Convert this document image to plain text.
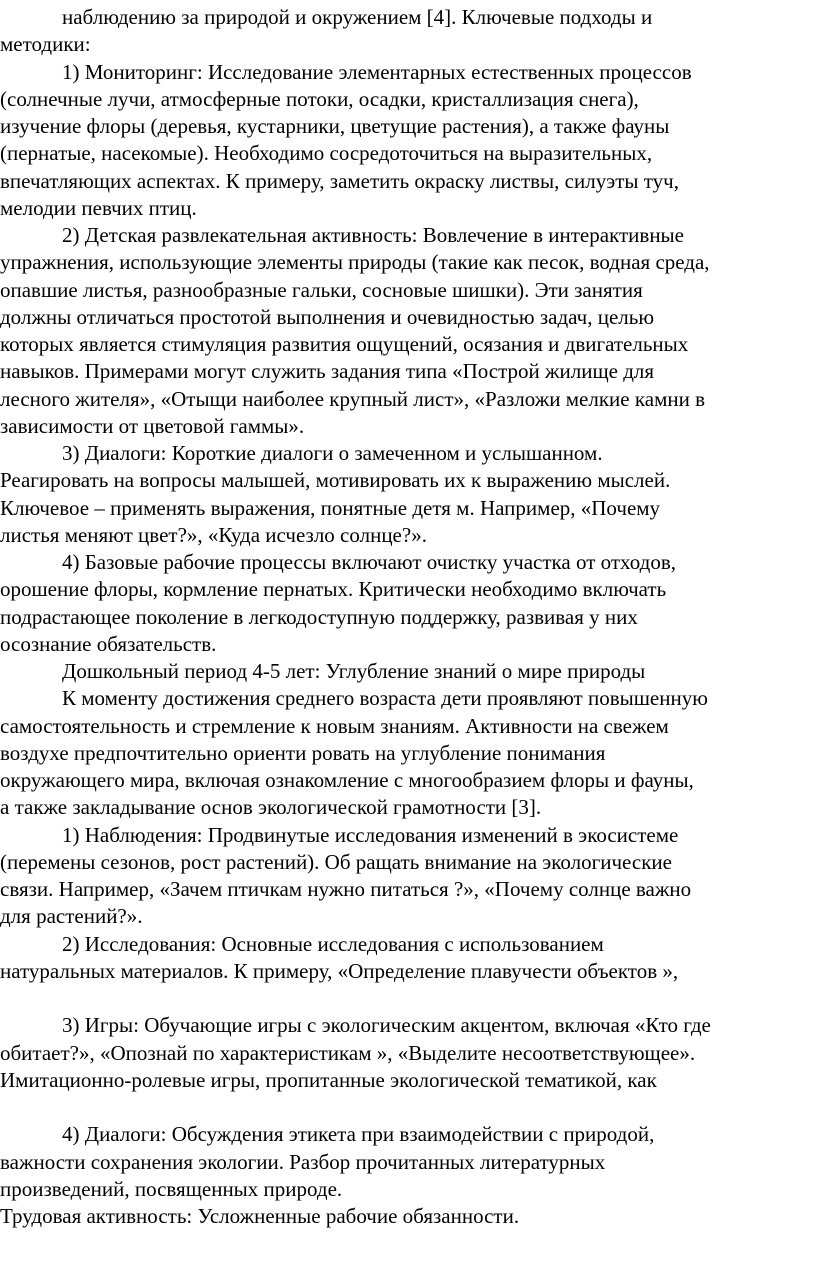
наблюдению за природой и окружением [4]. Ключевые подходы и
методики:
1) Мониторинг: Исследование элементарных естественных процессов
(солнечные лучи, атмосферные потоки, осадки, кристаллизация снега),
изучение флоры (деревья, кустарники, цветущие растения), а также фауны
(пернатые, насекомые). Необходимо сосредоточиться на выразительных,
впечатляющих аспектах. К примеру, заметить окраску листвы, силуэты туч,
мелодии певчих птиц.
2) Детская развлекательная активность: Вовлечение в интерактивные
упражнения, использующие элементы природы (такие как песок, водная среда,
опавшие листья, разнообразные гальки, сосновые шишки). Эти занятия
должны отличаться простотой выполнения и очевидностью задач, целью
которых является стимуляция развития ощущений, осязания и двигательных
навыков. Примерами могут служить задания типа «Построй жилище для
лесного жителя», «Отыщи наиболее крупный лист», «Разложи мелкие камни в
зависимости от цветовой гаммы».
3) Диалоги: Короткие диалоги о замеченном и услышанном.
Реагировать на вопросы малышей, мотивировать их к выражению мыслей.
Ключевое – применять выражения, понятные детя м. Например, «Почему
листья меняют цвет?», «Куда исчезло солнце?».
4) Базовые рабочие процессы включают очистку участка от отходов,
орошение флоры, кормление пернатых. Критически необходимо включать
подрастающее поколение в легкодоступную поддержку, развивая у них
осознание обязательств.
Дошкольный период 4-5 лет: Углубление знаний о мире природы
К моменту достижения среднего возраста дети проявляют повышенную
самостоятельность и стремление к новым знаниям. Активности на свежем
воздухе предпочтительно ориенти ровать на углубление понимания
окружающего мира, включая ознакомление с многообразием флоры и фауны,
а также закладывание основ экологической грамотности [3].
1) Наблюдения: Продвинутые исследования изменений в экосистеме
(перемены сезонов, рост растений). Об ращать внимание на экологические
связи. Например, «Зачем птичкам нужно питаться ?», «Почему солнце важно
для растений?».
2) Исследования: Основные исследования с использованием
натуральных материалов. К примеру, «Определение плавучести объектов »,
3) Игры: Обучающие игры с экологическим акцентом, включая «Кто где
обитает?», «Опознай по характеристикам », «Выделите несоответствующее».
Имитационно-ролевые игры, пропитанные экологической тематикой, как
4) Диалоги: Обсуждения этикета при взаимодействии с природой,
важности сохранения экологии. Разбор прочитанных литературных
произведений, посвященных природе.
Трудовая активность: Усложненные рабочие обязанности.
